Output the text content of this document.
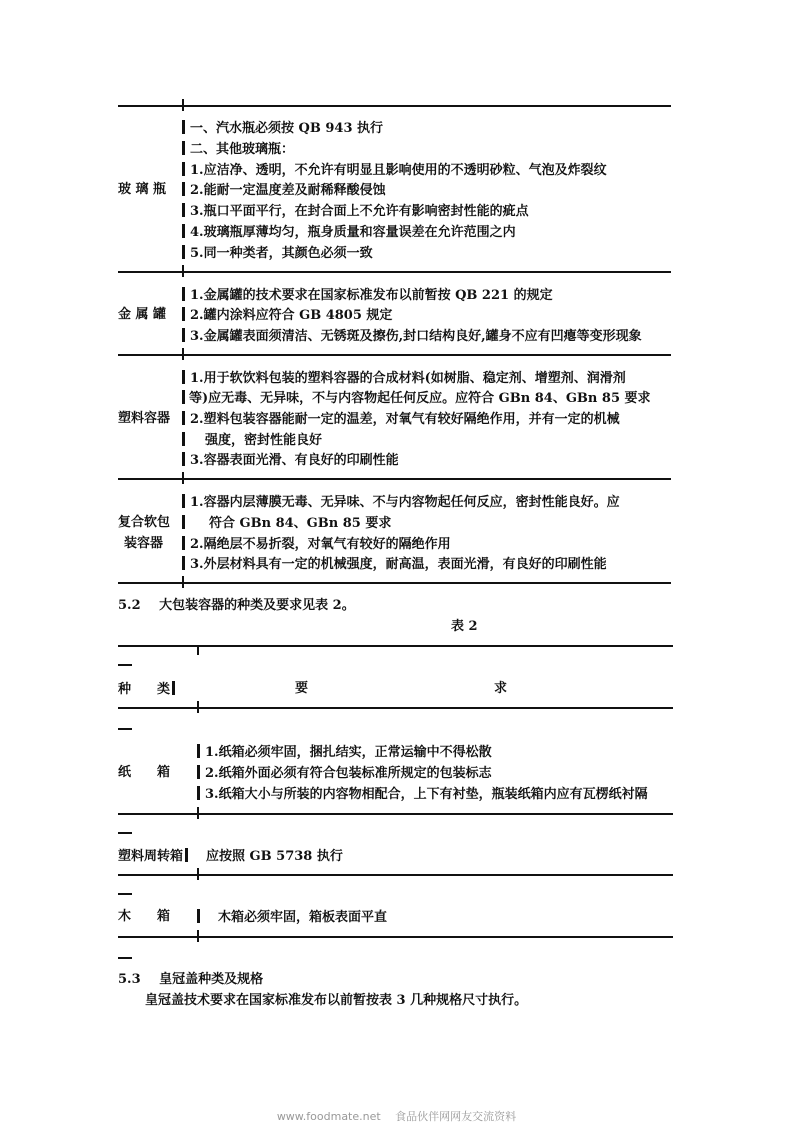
玻 璃 瓶
一、汽水瓶必须按 QB 943 执行
二、其他玻璃瓶：
1.应洁净、透明，不允许有明显且影响使用的不透明砂粒、气泡及炸裂纹
2.能耐一定温度差及耐稀释酸侵蚀
3.瓶口平面平行，在封合面上不允许有影响密封性能的疵点
4.玻璃瓶厚薄均匀，瓶身质量和容量误差在允许范围之内
5.同一种类者，其颜色必须一致
金 属 罐
1.金属罐的技术要求在国家标准发布以前暂按 QB 221 的规定
2.罐内涂料应符合 GB 4805 规定
3.金属罐表面须清洁、无锈斑及擦伤,封口结构良好,罐身不应有凹瘪等变形现象
塑料容器
1.用于软饮料包装的塑料容器的合成材料(如树脂、稳定剂、增塑剂、润滑剂
等)应无毒、无异味，不与内容物起任何反应。应符合 GBn 84、GBn 85 要求
2.塑料包装容器能耐一定的温差，对氧气有较好隔绝作用，并有一定的机械
强度，密封性能良好
3.容器表面光滑、有良好的印刷性能
复合软包
装容器
1.容器内层薄膜无毒、无异味、不与内容物起任何反应，密封性能良好。应
符合 GBn 84、GBn 85 要求
2.隔绝层不易折裂，对氧气有较好的隔绝作用
3.外层材料具有一定的机械强度，耐高温，表面光滑，有良好的印刷性能
5.2 大包装容器的种类及要求见表 2。
表 2
种　　类	要	求
纸　　箱
1.纸箱必须牢固，捆扎结实，正常运输中不得松散
2.纸箱外面必须有符合包装标准所规定的包装标志
3.纸箱大小与所装的内容物相配合，上下有衬垫，瓶装纸箱内应有瓦楞纸衬隔
塑料周转箱 应按照 GB 5738 执行
木　　箱	木箱必须牢固，箱板表面平直
5.3 皇冠盖种类及规格
皇冠盖技术要求在国家标准发布以前暂按表 3 几种规格尺寸执行。
www.foodmate.net　 食品伙伴网网友交流资料
